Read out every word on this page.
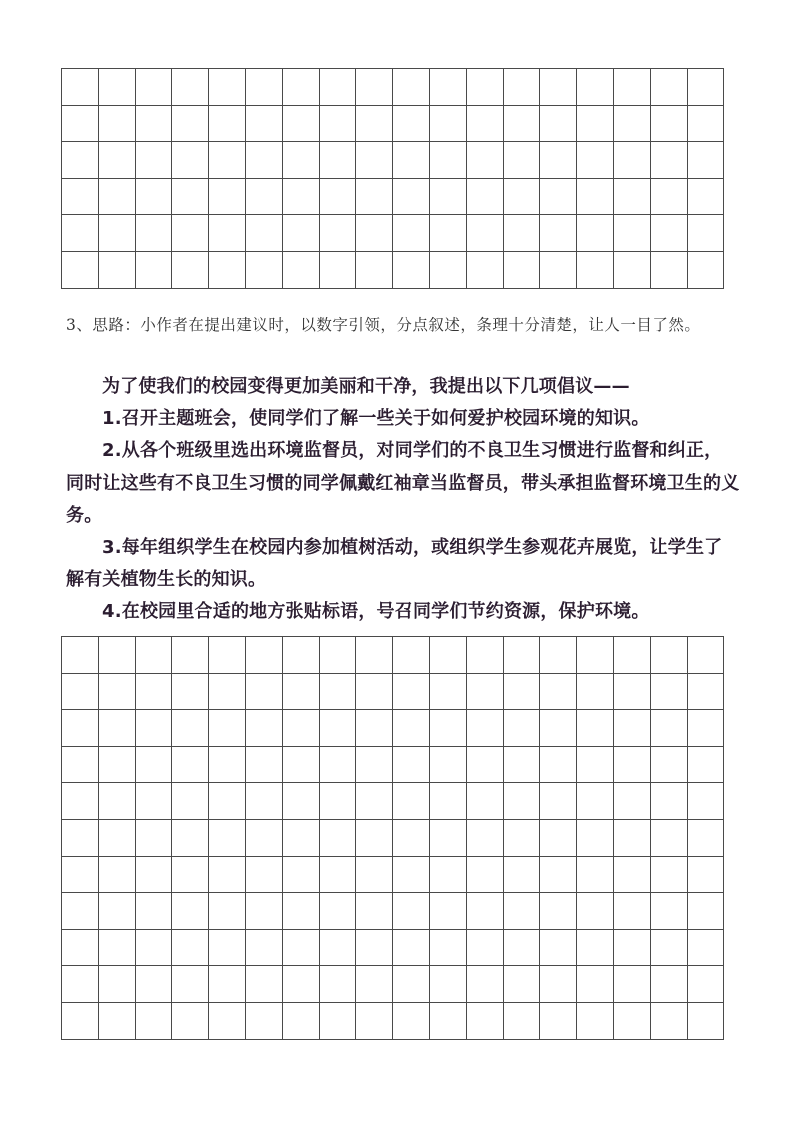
3、思路：小作者在提出建议时，以数字引领，分点叙述，条理十分清楚，让人一目了然。

为了使我们的校园变得更加美丽和干净，我提出以下几项倡议——

1.召开主题班会，使同学们了解一些关于如何爱护校园环境的知识。

2.从各个班级里选出环境监督员，对同学们的不良卫生习惯进行监督和纠正，同时让这些有不良卫生习惯的同学佩戴红袖章当监督员，带头承担监督环境卫生的义务。

3.每年组织学生在校园内参加植树活动，或组织学生参观花卉展览，让学生了解有关植物生长的知识。

4.在校园里合适的地方张贴标语，号召同学们节约资源，保护环境。
